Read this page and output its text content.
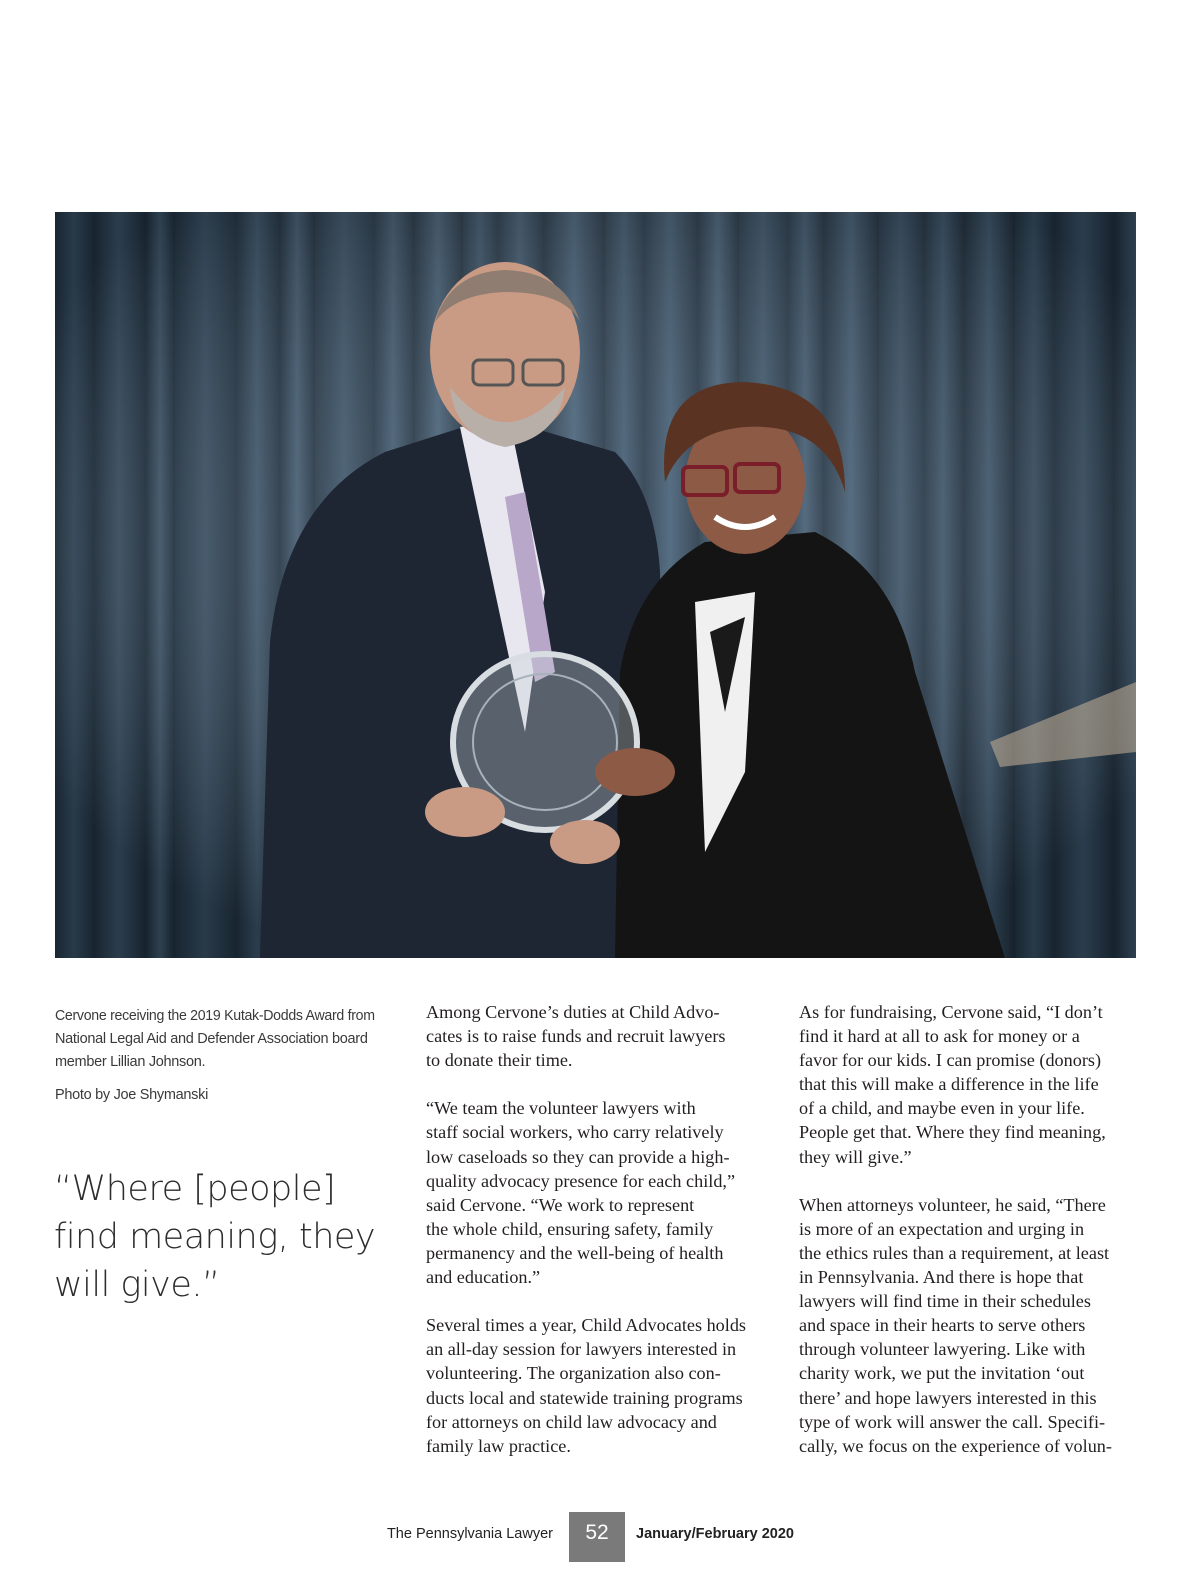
Cervone receiving the 2019 Kutak-Dodds Award from
National Legal Aid and Defender Association board
member Lillian Johnson.

Photo by Joe Shymanski

“Where [people]
find meaning, they
will give.”

Among Cervone’s duties at Child Advo-
cates is to raise funds and recruit lawyers
to donate their time.

“We team the volunteer lawyers with
staff social workers, who carry relatively
low caseloads so they can provide a high-
quality advocacy presence for each child,”
said Cervone. “We work to represent
the whole child, ensuring safety, family
permanency and the well-being of health
and education.”

Several times a year, Child Advocates holds
an all-day session for lawyers interested in
volunteering. The organization also con-
ducts local and statewide training programs
for attorneys on child law advocacy and
family law practice.

As for fundraising, Cervone said, “I don’t
find it hard at all to ask for money or a
favor for our kids. I can promise (donors)
that this will make a difference in the life
of a child, and maybe even in your life.
People get that. Where they find meaning,
they will give.”

When attorneys volunteer, he said, “There
is more of an expectation and urging in
the ethics rules than a requirement, at least
in Pennsylvania. And there is hope that
lawyers will find time in their schedules
and space in their hearts to serve others
through volunteer lawyering. Like with
charity work, we put the invitation ‘out
there’ and hope lawyers interested in this
type of work will answer the call. Specifi-
cally, we focus on the experience of volun-

The Pennsylvania Lawyer	52	January/February 2020
